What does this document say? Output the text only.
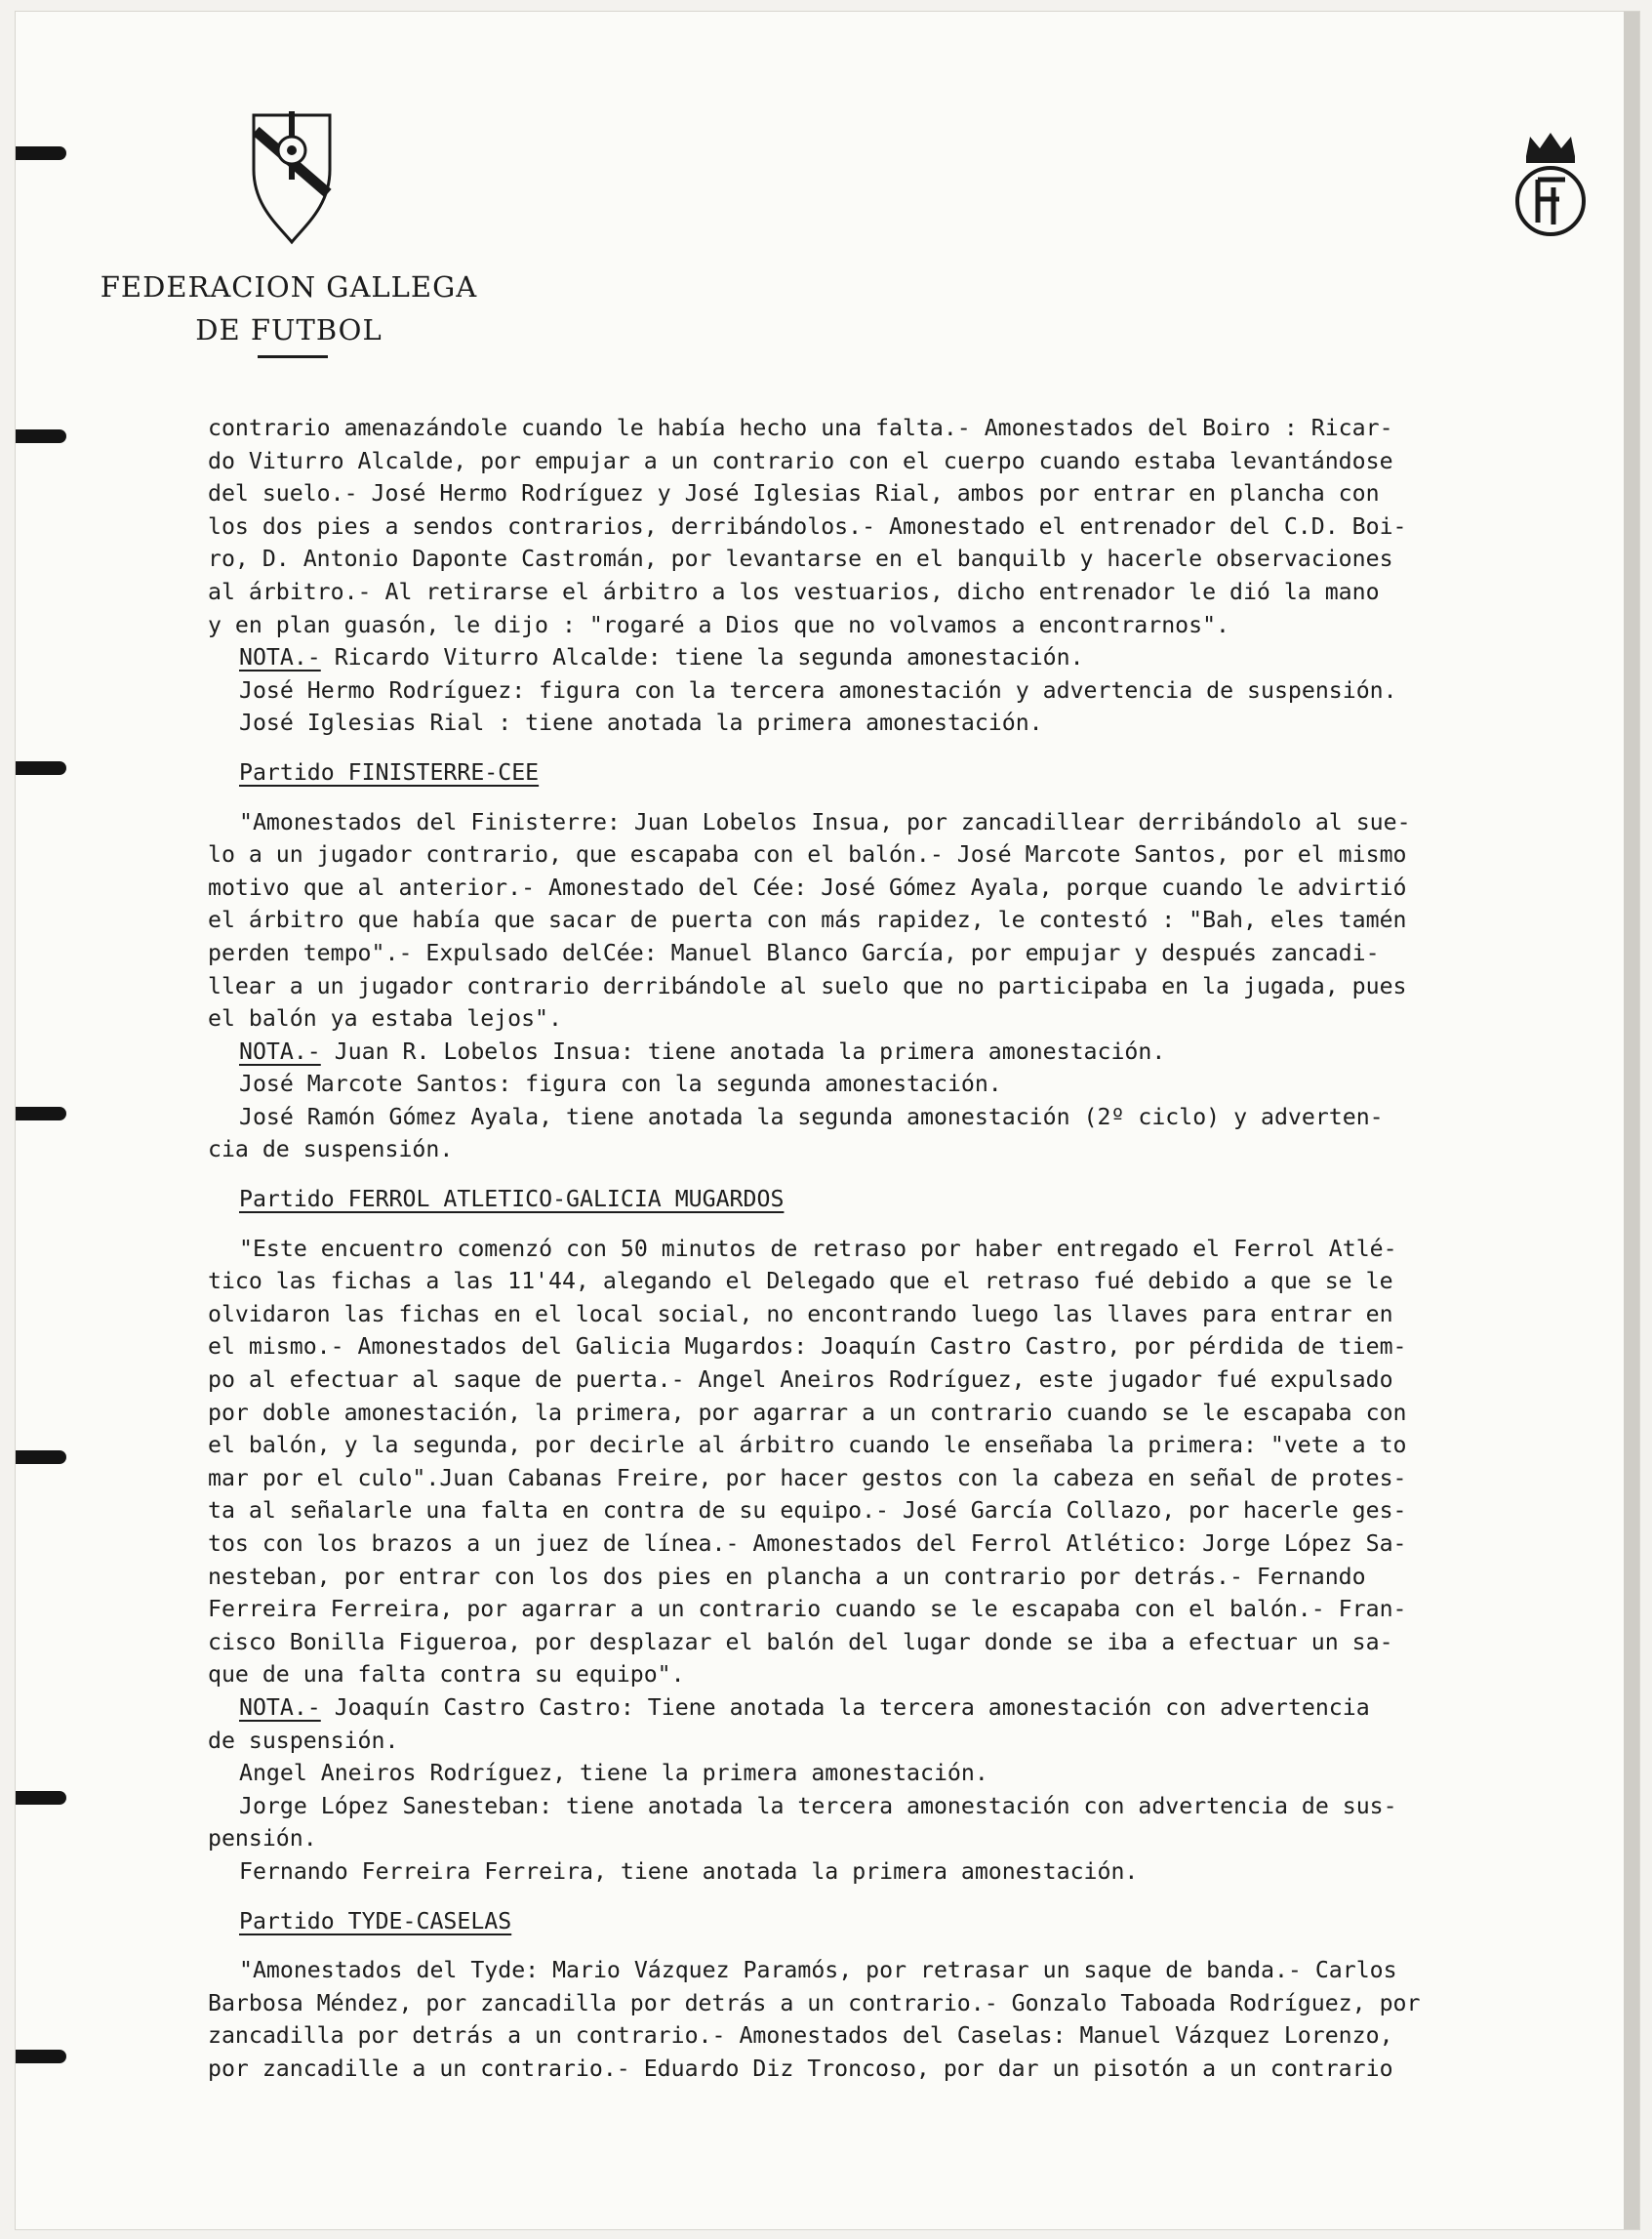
FEDERACION GALLEGA
DE FUTBOL

contrario amenazándole cuando le había hecho una falta.- Amonestados del Boiro : Ricar-

do Viturro Alcalde, por empujar a un contrario con el cuerpo cuando estaba levantándose

del suelo.- José Hermo Rodríguez y José Iglesias Rial, ambos por entrar en plancha con

los dos pies a sendos contrarios, derribándolos.- Amonestado el entrenador del C.D. Boi-

ro, D. Antonio Daponte Castromán, por levantarse en el banquilb y hacerle observaciones

al árbitro.- Al retirarse el árbitro a los vestuarios, dicho entrenador le dió la mano

y en plan guasón, le dijo : "rogaré a Dios que no volvamos a encontrarnos".

NOTA.- Ricardo Viturro Alcalde: tiene la segunda amonestación.

José Hermo Rodríguez: figura con la tercera amonestación y advertencia de suspensión.

José Iglesias Rial : tiene anotada la primera amonestación.

Partido FINISTERRE-CEE

"Amonestados del Finisterre: Juan Lobelos Insua, por zancadillear derribándolo al sue-

lo a un jugador contrario, que escapaba con el balón.- José Marcote Santos, por el mismo

motivo que al anterior.- Amonestado del Cée: José Gómez Ayala, porque cuando le advirtió

el árbitro que había que sacar de puerta con más rapidez, le contestó : "Bah, eles tamén

perden tempo".- Expulsado delCée: Manuel Blanco García, por empujar y después zancadi-

llear a un jugador contrario derribándole al suelo que no participaba en la jugada, pues

el balón ya estaba lejos".

NOTA.- Juan R. Lobelos Insua: tiene anotada la primera amonestación.

José Marcote Santos: figura con la segunda amonestación.

José Ramón Gómez Ayala, tiene anotada la segunda amonestación (2º ciclo) y adverten-

cia de suspensión.

Partido FERROL ATLETICO-GALICIA MUGARDOS

"Este encuentro comenzó con 50 minutos de retraso por haber entregado el Ferrol Atlé-

tico las fichas a las 11'44, alegando el Delegado que el retraso fué debido a que se le

olvidaron las fichas en el local social, no encontrando luego las llaves para entrar en

el mismo.- Amonestados del Galicia Mugardos: Joaquín Castro Castro, por pérdida de tiem-

po al efectuar al saque de puerta.- Angel Aneiros Rodríguez, este jugador fué expulsado

por doble amonestación, la primera, por agarrar a un contrario cuando se le escapaba con

el balón, y la segunda, por decirle al árbitro cuando le enseñaba la primera: "vete a to

mar por el culo".Juan Cabanas Freire, por hacer gestos con la cabeza en señal de protes-

ta al señalarle una falta en contra de su equipo.- José García Collazo, por hacerle ges-

tos con los brazos a un juez de línea.- Amonestados del Ferrol Atlético: Jorge López Sa-

nesteban, por entrar con los dos pies en plancha a un contrario por detrás.- Fernando

Ferreira Ferreira, por agarrar a un contrario cuando se le escapaba con el balón.- Fran-

cisco Bonilla Figueroa, por desplazar el balón del lugar donde se iba a efectuar un sa-

que de una falta contra su equipo".

NOTA.- Joaquín Castro Castro: Tiene anotada la tercera amonestación con advertencia

de suspensión.

Angel Aneiros Rodríguez, tiene la primera amonestación.

Jorge López Sanesteban: tiene anotada la tercera amonestación con advertencia de sus-

pensión.

Fernando Ferreira Ferreira, tiene anotada la primera amonestación.

Partido TYDE-CASELAS

"Amonestados del Tyde: Mario Vázquez Paramós, por retrasar un saque de banda.- Carlos

Barbosa Méndez, por zancadilla por detrás a un contrario.- Gonzalo Taboada Rodríguez, por

zancadilla por detrás a un contrario.- Amonestados del Caselas: Manuel Vázquez Lorenzo,

por zancadille a un contrario.- Eduardo Diz Troncoso, por dar un pisotón a un contrario
